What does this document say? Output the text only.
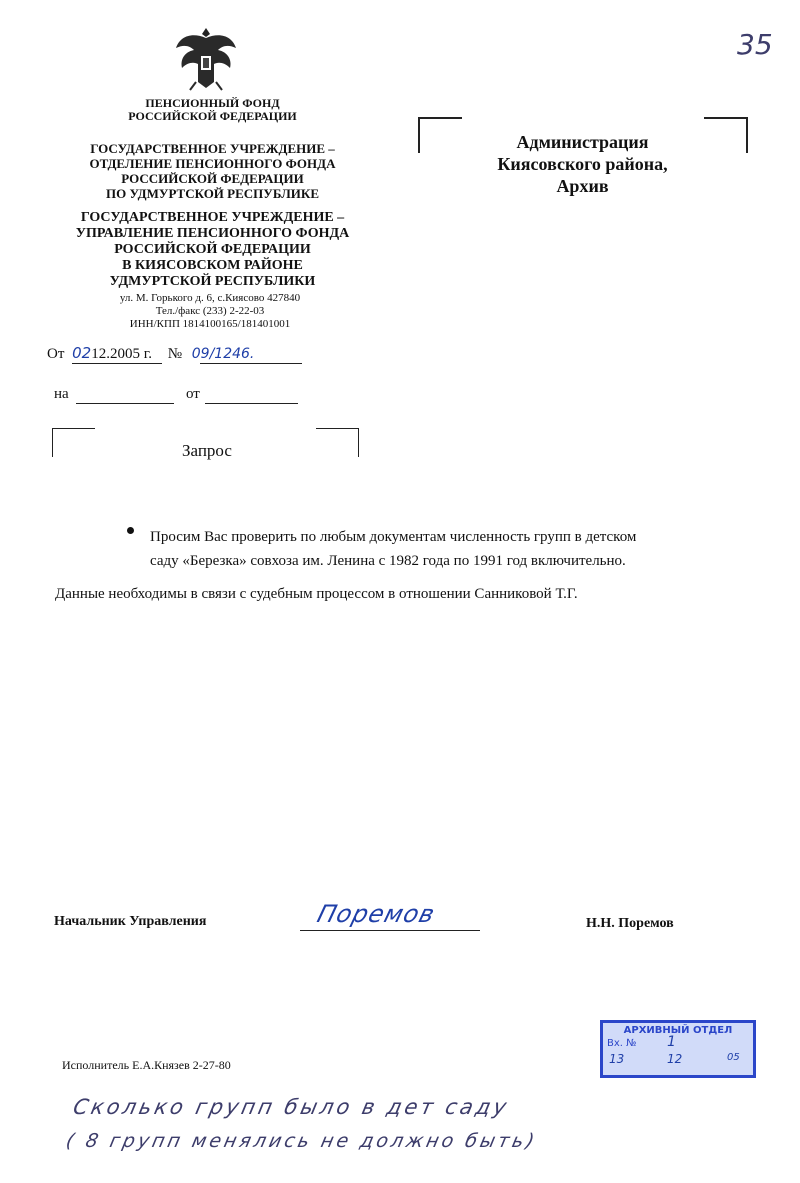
35
ПЕНСИОННЫЙ ФОНД
РОССИЙСКОЙ ФЕДЕРАЦИИ
ГОСУДАРСТВЕННОЕ УЧРЕЖДЕНИЕ –
ОТДЕЛЕНИЕ ПЕНСИОННОГО ФОНДА
РОССИЙСКОЙ ФЕДЕРАЦИИ
ПО УДМУРТСКОЙ РЕСПУБЛИКЕ
ГОСУДАРСТВЕННОЕ УЧРЕЖДЕНИЕ –
УПРАВЛЕНИЕ ПЕНСИОННОГО ФОНДА
РОССИЙСКОЙ ФЕДЕРАЦИИ
В КИЯСОВСКОМ РАЙОНЕ
УДМУРТСКОЙ РЕСПУБЛИКИ
ул. М. Горького д. 6, с.Киясово 427840
Тел./факс (233) 2-22-03
ИНН/КПП 1814100165/181401001
От 0212.2005 г. № 09/1246.
на	от
Запрос
Администрация
Киясовского района,
Архив
Просим Вас проверить по любым документам численность групп в детском
саду «Березка» совхоза им. Ленина с 1982 года по 1991 год включительно.
Данные необходимы в связи с судебным процессом в отношении Санниковой Т.Г.
Начальник Управления	Поремов	Н.Н. Поремов
Исполнитель Е.А.Князев 2-27-80
АРХИВНЫЙ ОТДЕЛ
Вх. № 1
13	12	05
Сколько групп было в дет саду
( 8 групп менялись не должно быть)
